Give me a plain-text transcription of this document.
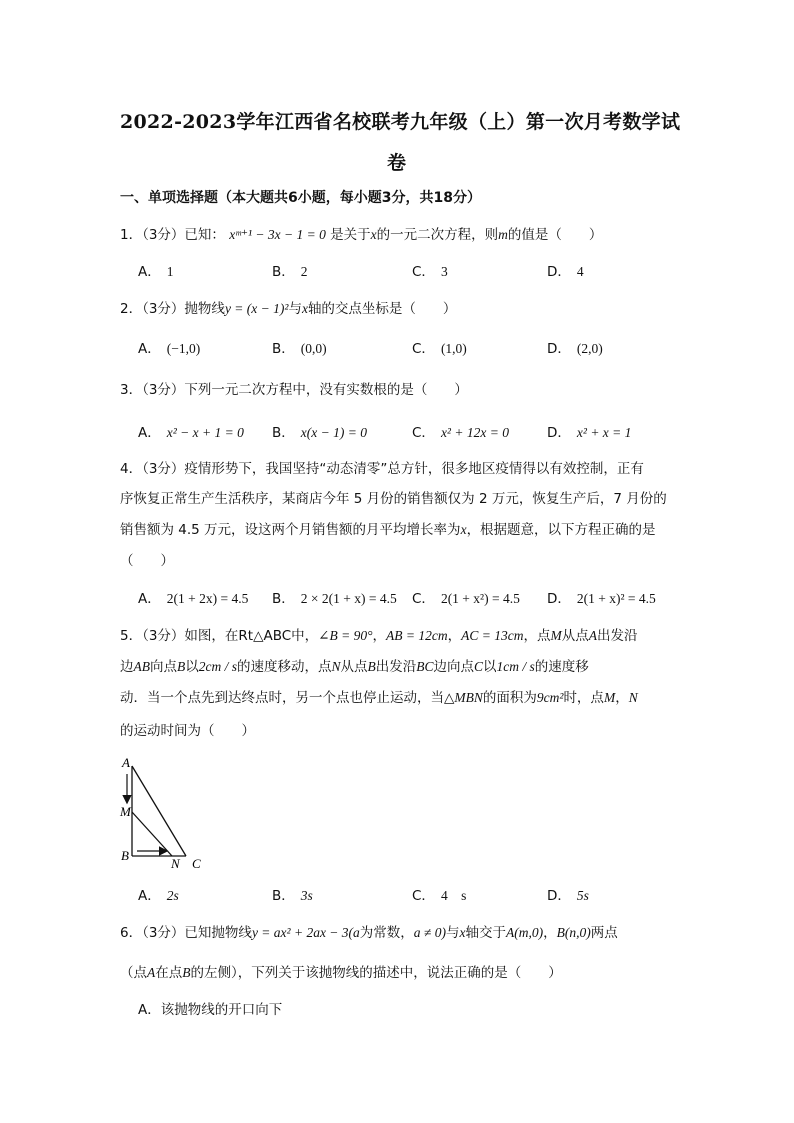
2022-2023学年江西省名校联考九年级（上）第一次月考数学试
卷
一、单项选择题（本大题共6小题，每小题3分，共18分）
1．（3分）已知： xᵐ⁺¹ − 3x − 1 = 0 是关于x的一元二次方程，则m的值是（　　）
A． 1	B． 2	C． 3	D． 4
2．（3分）抛物线y = (x − 1)²与x轴的交点坐标是（　　）
A． (−1,0)	B． (0,0)	C． (1,0)	D． (2,0)
3．（3分）下列一元二次方程中，没有实数根的是（　　）
A． x² − x + 1 = 0 B． x(x − 1) = 0	C． x² + 12x = 0	D． x² + x = 1
4．（3分）疫情形势下，我国坚持“动态清零”总方针，很多地区疫情得以有效控制，正有
序恢复正常生产生活秩序，某商店今年 5 月份的销售额仅为 2 万元，恢复生产后，7 月份的
销售额为 4.5 万元，设这两个月销售额的月平均增长率为x，根据题意，以下方程正确的是
（　　）
A． 2(1 + 2x) = 4.5 B． 2 × 2(1 + x) = 4.5 C． 2(1 + x²) = 4.5 D． 2(1 + x)² = 4.5
5．（3分）如图，在Rt△ABC中，∠B = 90°，AB = 12cm，AC = 13cm，点M从点A出发沿
边AB向点B以2cm / s的速度移动，点N从点B出发沿BC边向点C以1cm / s的速度移
动．当一个点先到达终点时，另一个点也停止运动，当△MBN的面积为9cm²时，点M，N
的运动时间为（　　）
A
M
B
N C
A． 2s	B． 3s	C． 4　s	D． 5s
6．（3分）已知抛物线y = ax² + 2ax − 3(a为常数，a ≠ 0)与x轴交于A(m,0)，B(n,0)两点
（点A在点B的左侧），下列关于该抛物线的描述中，说法正确的是（　　）
A．该抛物线的开口向下
